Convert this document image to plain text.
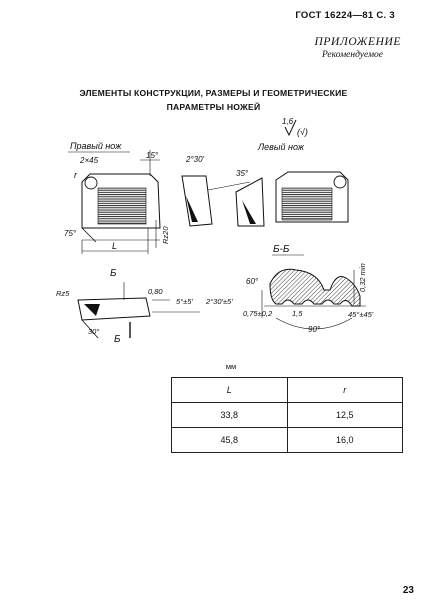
ГОСТ 16224—81 С. 3
ПРИЛОЖЕНИЕ
Рекомендуемое
ЭЛЕМЕНТЫ КОНСТРУКЦИИ, РАЗМЕРЫ И ГЕОМЕТРИЧЕСКИЕ
ПАРАМЕТРЫ НОЖЕЙ
1,6
(√)
Правый нож	Левый нож
2×45
15°
r
75°
L
Rz20
2°30'
35°
Б-Б
60°	0,32 min
0,75±0,2	1,5	45°±45'
90°
Б
Б
Rz5	0,80
5°±5' 2°30'±5'
30°
мм
L	r
33,8	12,5
45,8	16,0
23
